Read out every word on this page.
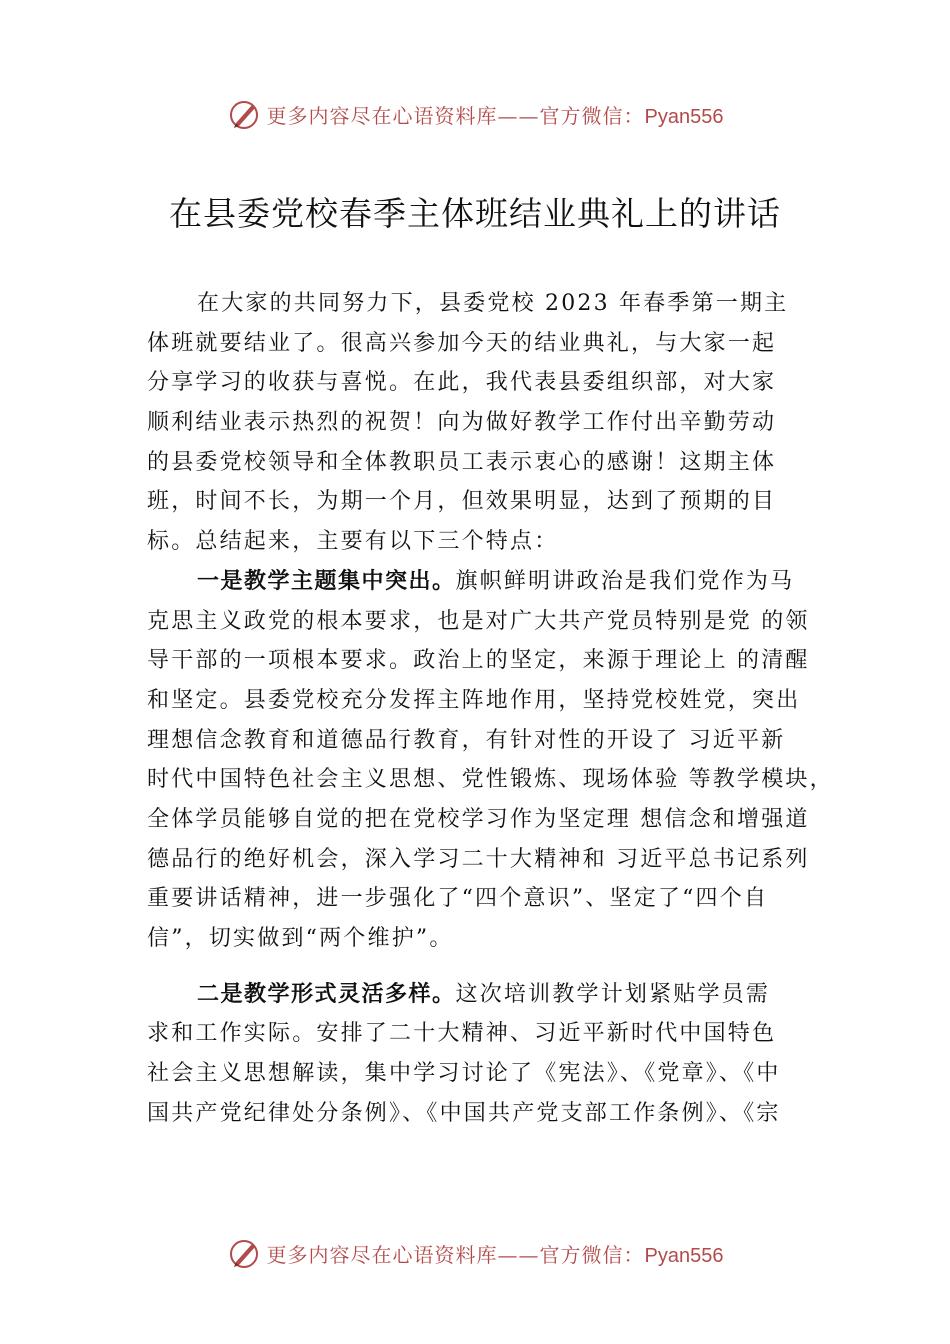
更多内容尽在心语资料库——官方微信： Pyan556
在县委党校春季主体班结业典礼上的讲话
在大家的共同努力下，县委党校 2023 年春季第一期主
体班就要结业了。很高兴参加今天的结业典礼，与大家一起
分享学习的收获与喜悦。在此，我代表县委组织部，对大家
顺利结业表示热烈的祝贺！向为做好教学工作付出辛勤劳动
的县委党校领导和全体教职员工表示衷心的感谢！这期主体
班，时间不长，为期一个月，但效果明显，达到了预期的目
标。总结起来，主要有以下三个特点：
一是教学主题集中突出。旗帜鲜明讲政治是我们党作为马
克思主义政党的根本要求，也是对广大共产党员特别是党 的领
导干部的一项根本要求。政治上的坚定，来源于理论上 的清醒
和坚定。县委党校充分发挥主阵地作用，坚持党校姓党，突出
理想信念教育和道德品行教育，有针对性的开设了 习近平新
时代中国特色社会主义思想、党性锻炼、现场体验 等教学模块，
全体学员能够自觉的把在党校学习作为坚定理 想信念和增强道
德品行的绝好机会，深入学习二十大精神和 习近平总书记系列
重要讲话精神，进一步强化了“四个意识”、坚定了“四个自
信”，切实做到“两个维护”。
二是教学形式灵活多样。这次培训教学计划紧贴学员需
求和工作实际。安排了二十大精神、习近平新时代中国特色
社会主义思想解读，集中学习讨论了《宪法》、《党章》、《中
国共产党纪律处分条例》、《中国共产党支部工作条例》、《宗
更多内容尽在心语资料库——官方微信： Pyan556
